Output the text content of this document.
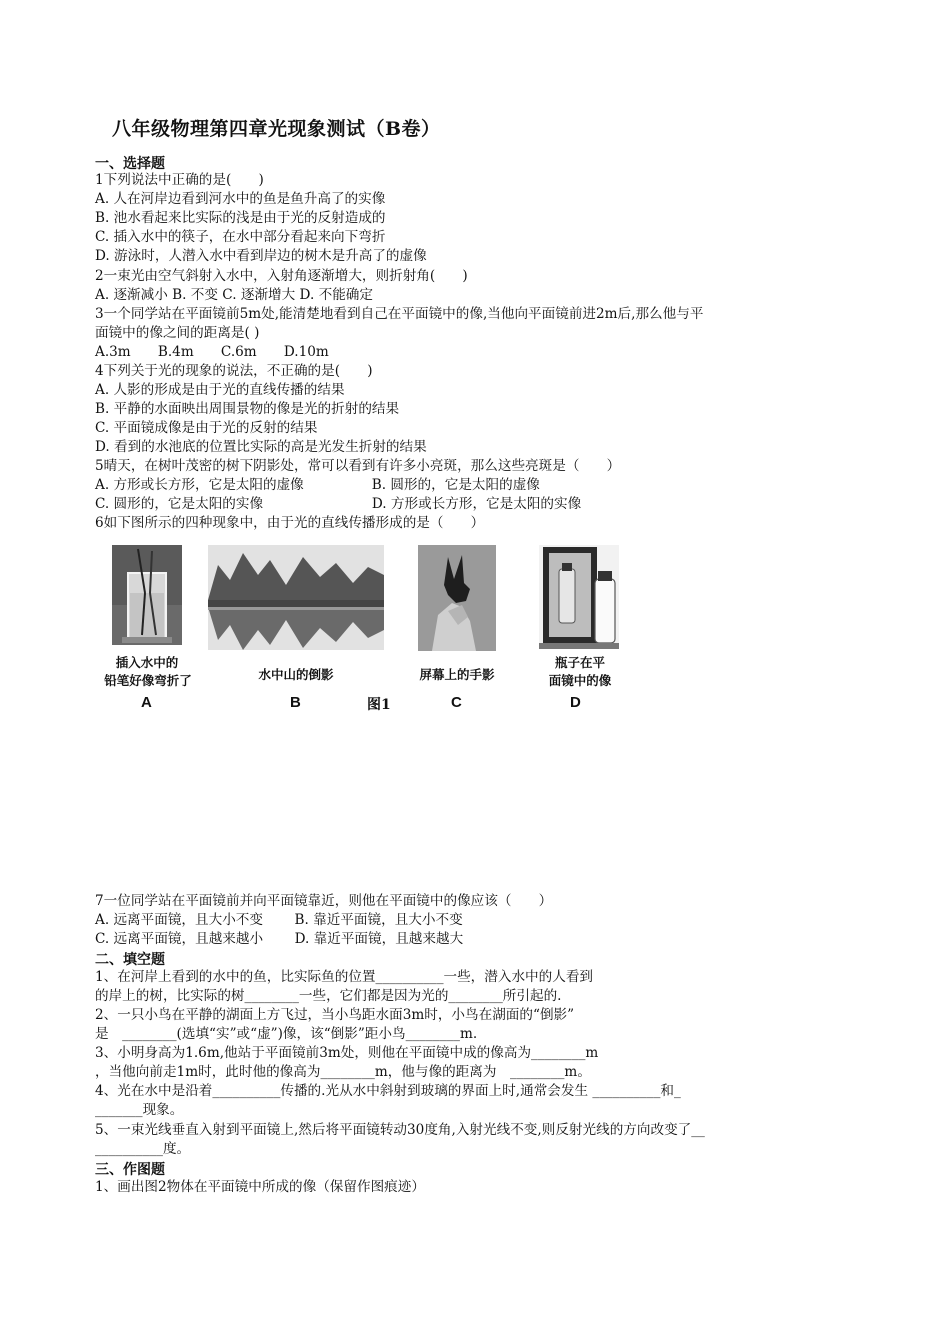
八年级物理第四章光现象测试（B卷）
一、选择题
1下列说法中正确的是(　　)
A. 人在河岸边看到河水中的鱼是鱼升高了的实像
B. 池水看起来比实际的浅是由于光的反射造成的
C. 插入水中的筷子，在水中部分看起来向下弯折
D. 游泳时，人潜入水中看到岸边的树木是升高了的虚像
2一束光由空气斜射入水中，入射角逐渐增大，则折射角(　　)
A. 逐渐减小 B. 不变 C. 逐渐增大 D. 不能确定
3一个同学站在平面镜前5m处,能清楚地看到自己在平面镜中的像,当他向平面镜前进2m后,那么他与平
面镜中的像之间的距离是( )
A.3m　　B.4m　　C.6m　　D.10m
4下列关于光的现象的说法，不正确的是(　　)
A. 人影的形成是由于光的直线传播的结果
B. 平静的水面映出周围景物的像是光的折射的结果
C. 平面镜成像是由于光的反射的结果
D. 看到的水池底的位置比实际的高是光发生折射的结果
5晴天，在树叶茂密的树下阴影处，常可以看到有许多小亮斑，那么这些亮斑是（　　）
A. 方形或长方形，它是太阳的虚像　　　　　B. 圆形的，它是太阳的虚像
C. 圆形的，它是太阳的实像　　　　　　　　D. 方形或长方形，它是太阳的实像
6如下图所示的四种现象中，由于光的直线传播形成的是（　　）
插入水中的
铅笔好像弯折了	水中山的倒影	屏幕上的手影
瓶子在平
面镜中的像
A	B	图1	C	D
7一位同学站在平面镜前并向平面镜靠近，则他在平面镜中的像应该（　　）
A. 远离平面镜，且大小不变　　 B. 靠近平面镜，且大小不变
C. 远离平面镜，且越来越小　　 D. 靠近平面镜，且越来越大
二、填空题
1、在河岸上看到的水中的鱼，比实际鱼的位置__________一些，潜入水中的人看到
的岸上的树，比实际的树________一些，它们都是因为光的________所引起的.
2、一只小鸟在平静的湖面上方飞过，当小鸟距水面3m时，小鸟在湖面的“倒影”
是　________(选填“实”或“虚”)像，该“倒影”距小鸟________m.
3、小明身高为1.6m,他站于平面镜前3m处，则他在平面镜中成的像高为________m
，当他向前走1m时，此时他的像高为________m，他与像的距离为　________m。
4、光在水中是沿着__________传播的.光从水中斜射到玻璃的界面上时,通常会发生 __________和_
_______现象。
5、一束光线垂直入射到平面镜上,然后将平面镜转动30度角,入射光线不变,则反射光线的方向改变了__
__________度。
三、作图题
1、画出图2物体在平面镜中所成的像（保留作图痕迹）
